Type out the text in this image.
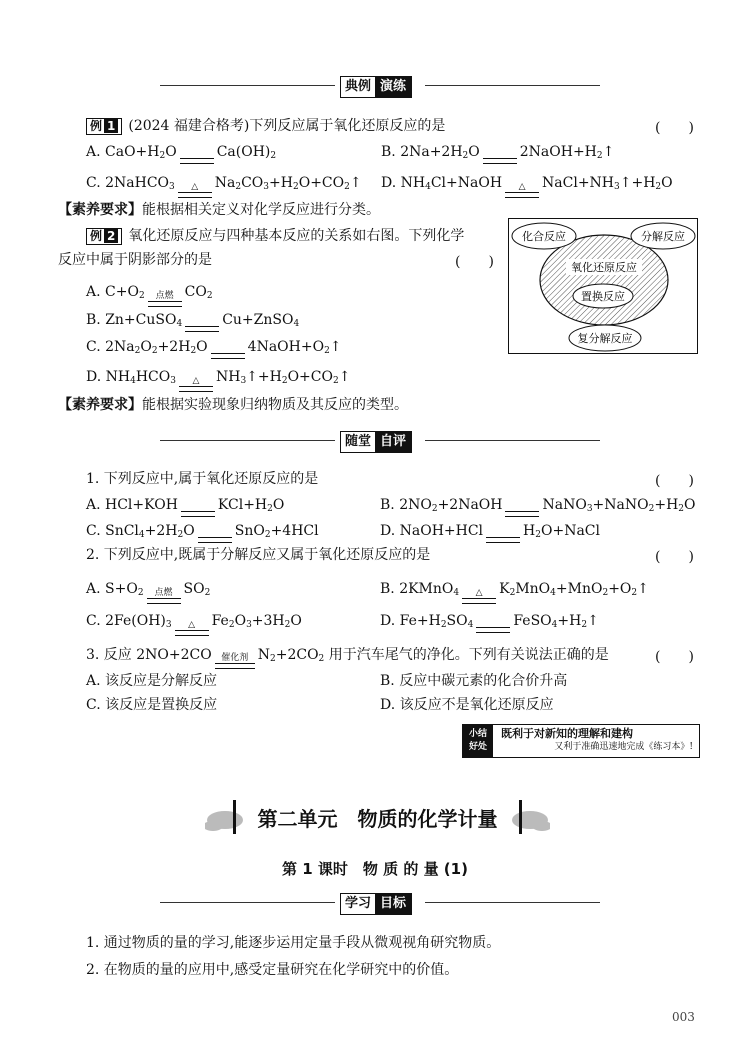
典例 演练
例 1 (2024 福建合格考)下列反应属于氧化还原反应的是	(　　)
A. $CaO+H_2O$	$Ca(OH)_2$	B. $2Na+2H_2O$	$2NaOH+H_2↑$
C. 2NaHCO$_3$ △ $Na_2CO_3+H_2O+CO_2↑$ D. $NH_4Cl+NaOH$ △ $NaCl+NH_3↑+H_2O$
【素养要求】能根据相关定义对化学反应进行分类。
例 2 氧化还原反应与四种基本反应的关系如右图。下列化学
反应中属于阴影部分的是	(　　)
A. $C+O_2$ 点燃 $CO_2$
B. Zn+CuSO$_4$	Cu+ZnSO$_4$
C. $2Na_2O_2+2H_2O$	$4NaOH+O_2↑$
D. $NH_4HCO_3$ △ $NH_3↑+H_2O+CO_2↑$
【素养要求】能根据实验现象归纳物质及其反应的类型。
化合反应	分解反应
氧化还原反应
置换反应
复分解反应
随堂 自评
1. 下列反应中,属于氧化还原反应的是	(　　)
A. HCl+KOH	$KCl+H_2O$	B. $2NO_2+2NaOH$	$NaNO_3+NaNO_2+H_2O$
C. $SnCl_4+2H_2O$	SnO$_2$+4HCl	D. NaOH+HCl	$H_2O+NaCl$
2. 下列反应中,既属于分解反应又属于氧化还原反应的是	(　　)
A. $S+O_2$ 点燃 $SO_2$	B. 2KMnO$_4$ △ $K_2MnO_4+MnO_2+O_2↑$
C. $2Fe(OH)_3$ △ $Fe_2O_3+3H_2O$	D. $Fe+H_2SO_4$	$FeSO_4+H_2↑$
3. 反应 2NO+2CO 催化剂 $N_2+2CO_2$ 用于汽车尾气的净化。下列有关说法正确的是	(　　)
A. 该反应是分解反应	B. 反应中碳元素的化合价升高
C. 该反应是置换反应	D. 该反应不是氧化还原反应
小结
好处
既利于对新知的理解和建构
又利于准确迅速地完成《练习本》!
第二单元　物质的化学计量
第 1 课时　物 质 的 量 (1)
学习 目标
1. 通过物质的量的学习,能逐步运用定量手段从微观视角研究物质。
2. 在物质的量的应用中,感受定量研究在化学研究中的价值。
003
